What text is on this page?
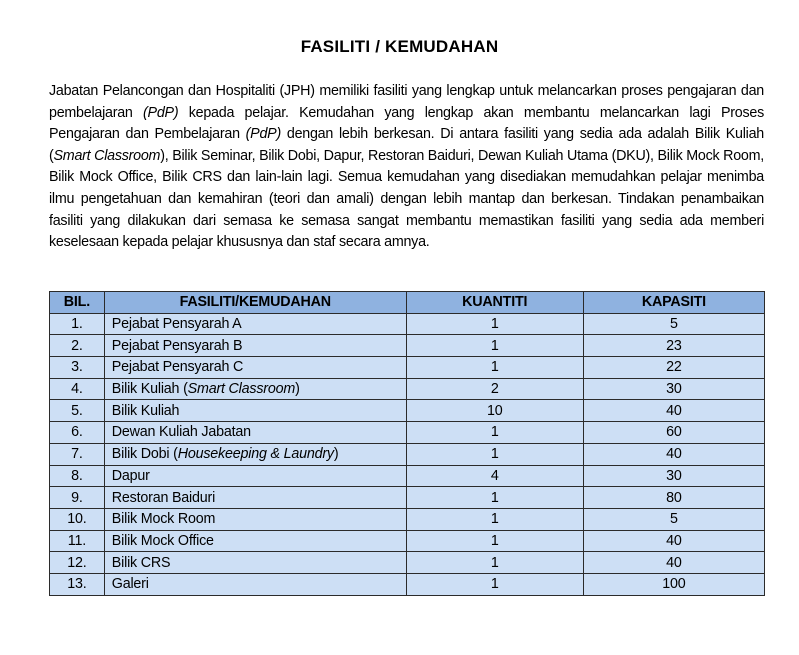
FASILITI / KEMUDAHAN
Jabatan Pelancongan dan Hospitaliti (JPH) memiliki fasiliti yang lengkap untuk melancarkan proses pengajaran dan pembelajaran (PdP) kepada pelajar. Kemudahan yang lengkap akan membantu melancarkan lagi Proses Pengajaran dan Pembelajaran (PdP) dengan lebih berkesan. Di antara fasiliti yang sedia ada adalah Bilik Kuliah (Smart Classroom), Bilik Seminar, Bilik Dobi, Dapur, Restoran Baiduri, Dewan Kuliah Utama (DKU), Bilik Mock Room, Bilik Mock Office, Bilik CRS dan lain-lain lagi. Semua kemudahan yang disediakan memudahkan pelajar menimba ilmu pengetahuan dan kemahiran (teori dan amali) dengan lebih mantap dan berkesan. Tindakan penambaikan fasiliti yang dilakukan dari semasa ke semasa sangat membantu memastikan fasiliti yang sedia ada memberi keselesaan kepada pelajar khususnya dan staf secara amnya.
BIL.	FASILITI/KEMUDAHAN	KUANTITI	KAPASITI
1.	Pejabat Pensyarah A	1	5
2.	Pejabat Pensyarah B	1	23
3.	Pejabat Pensyarah C	1	22
4.	Bilik Kuliah (Smart Classroom)	2	30
5.	Bilik Kuliah	10	40
6.	Dewan Kuliah Jabatan	1	60
7.	Bilik Dobi (Housekeeping & Laundry)	1	40
8.	Dapur	4	30
9.	Restoran Baiduri	1	80
10.	Bilik Mock Room	1	5
11.	Bilik Mock Office	1	40
12.	Bilik CRS	1	40
13.	Galeri	1	100
